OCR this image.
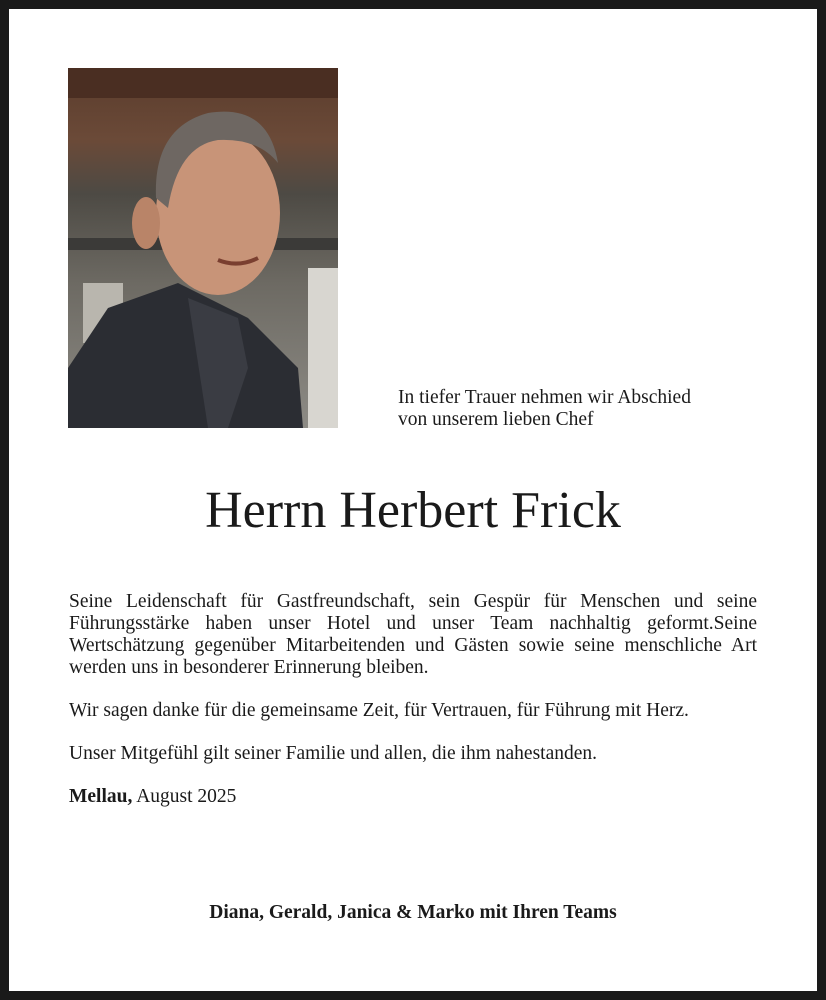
In tiefer Trauer nehmen wir Abschied
von unserem lieben Chef
Herrn Herbert Frick

Seine Leidenschaft für Gastfreundschaft, sein Gespür für Menschen und seine Führungsstärke haben unser Hotel und unser Team nachhaltig geformt.Seine Wertschätzung gegenüber Mitarbeitenden und Gästen sowie seine menschliche Art werden uns in besonderer Erinnerung bleiben.

Wir sagen danke für die gemeinsame Zeit, für Vertrauen, für Führung mit Herz.

Unser Mitgefühl gilt seiner Familie und allen, die ihm nahestanden.

Mellau, August 2025

Diana, Gerald, Janica & Marko mit Ihren Teams
